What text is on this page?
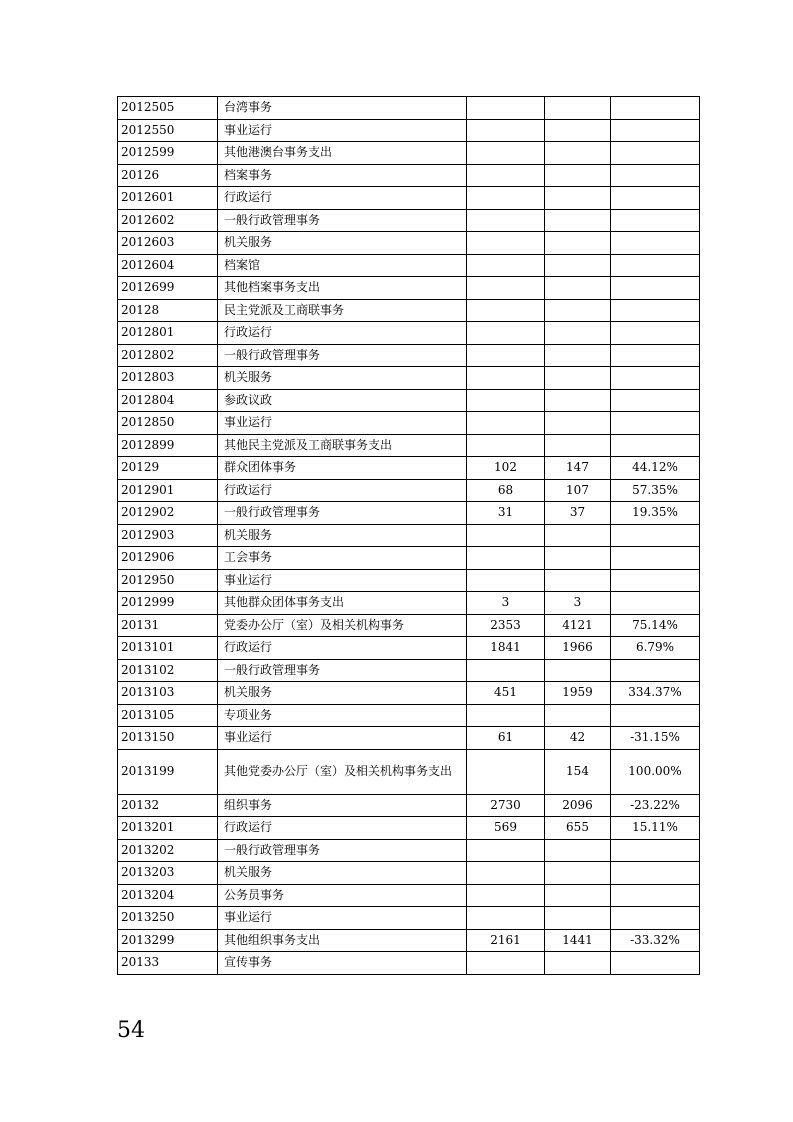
2012505	台湾事务			
2012550	事业运行			
2012599	其他港澳台事务支出			
20126	档案事务			
2012601	行政运行			
2012602	一般行政管理事务			
2012603	机关服务			
2012604	档案馆			
2012699	其他档案事务支出			
20128	民主党派及工商联事务			
2012801	行政运行			
2012802	一般行政管理事务			
2012803	机关服务			
2012804	参政议政			
2012850	事业运行			
2012899	其他民主党派及工商联事务支出			
20129	群众团体事务	102	147	44.12%
2012901	行政运行	68	107	57.35%
2012902	一般行政管理事务	31	37	19.35%
2012903	机关服务			
2012906	工会事务			
2012950	事业运行			
2012999	其他群众团体事务支出	3	3	
20131	党委办公厅（室）及相关机构事务	2353	4121	75.14%
2013101	行政运行	1841	1966	6.79%
2013102	一般行政管理事务			
2013103	机关服务	451	1959	334.37%
2013105	专项业务			
2013150	事业运行	61	42	-31.15%
2013199	其他党委办公厅（室）及相关机构事务支出		154	100.00%
20132	组织事务	2730	2096	-23.22%
2013201	行政运行	569	655	15.11%
2013202	一般行政管理事务			
2013203	机关服务			
2013204	公务员事务			
2013250	事业运行			
2013299	其他组织事务支出	2161	1441	-33.32%
20133	宣传事务			
54
